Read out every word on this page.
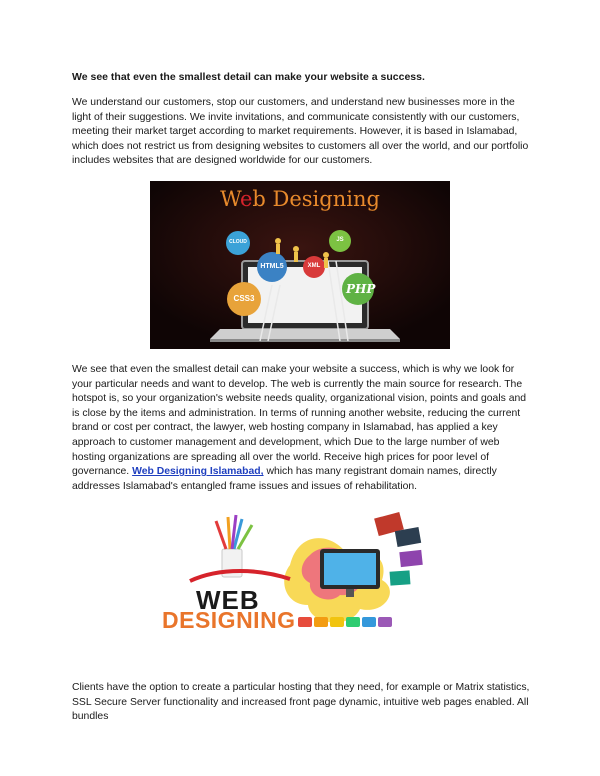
We see that even the smallest detail can make your website a success.

We understand our customers, stop our customers, and understand new businesses more in the light of their suggestions. We invite invitations, and communicate consistently with our customers, meeting their market target according to market requirements. However, it is based in Islamabad, which does not restrict us from designing websites to customers all over the world, and our portfolio includes websites that are designed worldwide for our customers.

Web Designing
CLOUD	JS
HTML5
CSS3
PHP
XML

We see that even the smallest detail can make your website a success, which is why we look for your particular needs and want to develop. The web is currently the main source for research. The hotspot is, so your organization's website needs quality, organizational vision, points and goals and is close by the items and administration. In terms of running another website, reducing the current brand or cost per contract, the lawyer, web hosting company in Islamabad, has applied a key approach to customer management and development, which Due to the large number of web hosting organizations are spreading all over the world. Receive high prices for poor level of governance. Web Designing Islamabad, which has many registrant domain names, directly addresses Islamabad's entangled frame issues and issues of rehabilitation.

WEB
DESIGNING

Clients have the option to create a particular hosting that they need, for example or Matrix statistics, SSL Secure Server functionality and increased front page dynamic, intuitive web pages enabled. All bundles
